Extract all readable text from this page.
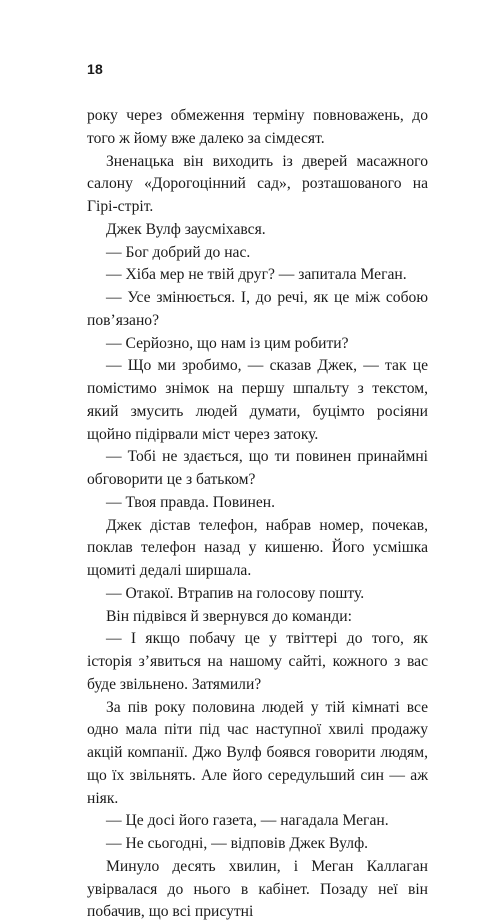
18

року через обмеження терміну повноважень, до того ж йому вже далеко за сімдесят.

Зненацька він виходить із дверей масажного салону «Дорогоцінний сад», розташованого на Гірі-стріт.

Джек Вулф заусміхався.

— Бог добрий до нас.

— Хіба мер не твій друг? — запитала Меган.

— Усе змінюється. І, до речі, як це між собою пов’язано?

— Серйозно, що нам із цим робити?

— Що ми зробимо, — сказав Джек, — так це помістимо знімок на першу шпальту з текстом, який змусить людей думати, буцімто росіяни щойно підірвали міст через затоку.

— Тобі не здається, що ти повинен принаймні обговорити це з батьком?

— Твоя правда. Повинен.

Джек дістав телефон, набрав номер, почекав, поклав телефон назад у кишеню. Його усмішка щомиті дедалі ширшала.

— Отакої. Втрапив на голосову пошту.

Він підвівся й звернувся до команди:

— І якщо побачу це у твіттері до того, як історія з’явиться на нашому сайті, кожного з вас буде звільнено. Затямили?

За пів року половина людей у тій кімнаті все одно мала піти під час наступної хвилі продажу акцій компанії. Джо Вулф боявся говорити людям, що їх звільнять. Але його середульший син — аж ніяк.

— Це досі його газета, — нагадала Меган.

— Не сьогодні, — відповів Джек Вулф.

Минуло десять хвилин, і Меган Каллаган увірвалася до нього в кабінет. Позаду неї він побачив, що всі присутні
